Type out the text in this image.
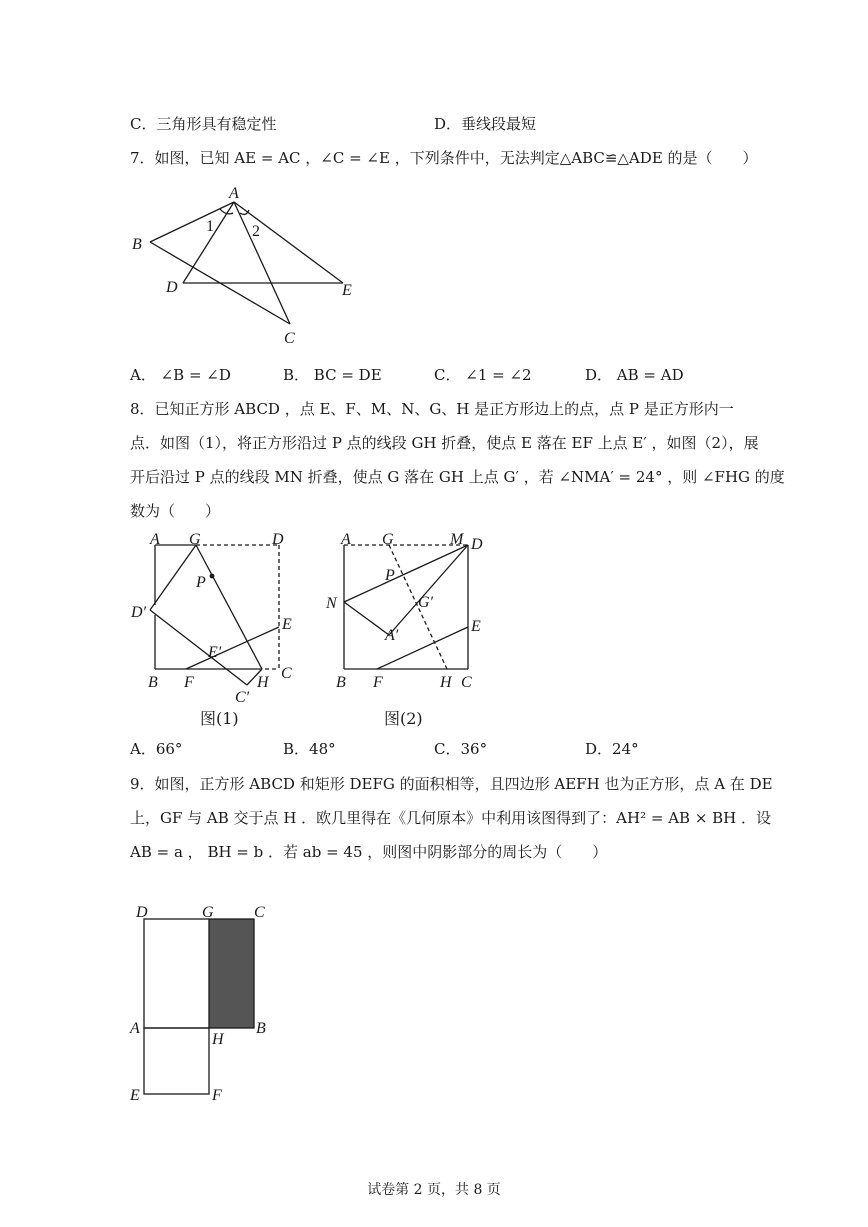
C．三角形具有稳定性	D．垂线段最短
7．如图，已知 AE = AC ，∠C = ∠E ，下列条件中，无法判定△ABC≌△ADE 的是（　　）
A
B
D	E
C
1 2
A． ∠B = ∠D	B． BC = DE	C． ∠1 = ∠2	D． AB = AD
8．已知正方形 ABCD ，点 E、F、M、N、G、H 是正方形边上的点，点 P 是正方形内一
点．如图（1），将正方形沿过 P 点的线段 GH 折叠，使点 E 落在 EF 上点 E′ ，如图（2），展
开后沿过 P 点的线段 MN 折叠，使点 G 落在 GH 上点 G′ ，若 ∠NMA′ = 24° ，则 ∠FHG 的度
数为（　　）
A G	D
P
D′
E
E′
B F	H
C
C′
图(1)
A G	M D
P
N	G′
A′
E
B F	H C
图(2)
A．66°	B．48°	C．36°	D．24°
9．如图，正方形 ABCD 和矩形 DEFG 的面积相等，且四边形 AEFH 也为正方形，点 A 在 DE
上，GF 与 AB 交于点 H ．欧几里得在《几何原本》中利用该图得到了：AH² = AB × BH ．设
AB = a ， BH = b ．若 ab = 45 ，则图中阴影部分的周长为（　　）
D	G	C
A
H
B
E	F
试卷第 2 页，共 8 页
